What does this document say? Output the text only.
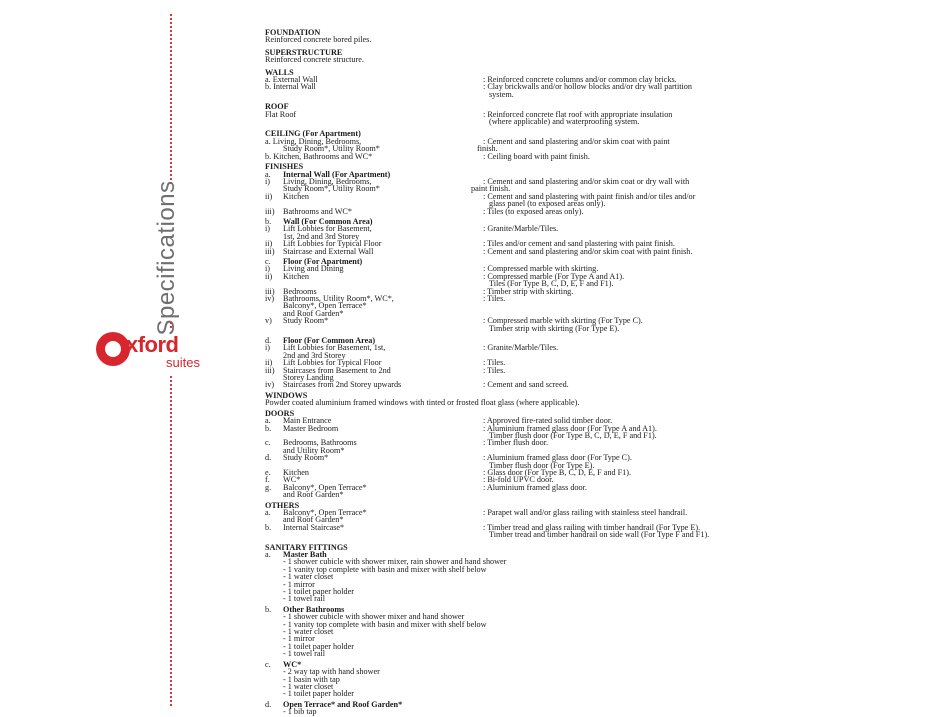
Specifications
xford
suites
FOUNDATION
Reinforced concrete bored piles.
SUPERSTRUCTURE
Reinforced concrete structure.
WALLS
a. External Wall	: Reinforced concrete columns and/or common clay bricks.
b. Internal Wall	: Clay brickwalls and/or hollow blocks and/or dry wall partition

system.
ROOF
Flat Roof	: Reinforced concrete flat roof with appropriate insulation

(where applicable) and waterproofing system.
CEILING (For Apartment)
a. Living, Dining, Bedrooms,	: Cement and sand plastering and/or skim coat with paint
Study Room*, Utility Room*	finish.
b. Kitchen, Bathrooms and WC*	: Ceiling board with paint finish.
FINISHES
a. Internal Wall (For Apartment)
i) Living, Dining, Bedrooms,	: Cement and sand plastering and/or skim coat or dry wall with
Study Room*, Utility Room*	paint finish.
ii) Kitchen	: Cement and sand plastering with paint finish and/or tiles and/or

glass panel (to exposed areas only).
iii) Bathrooms and WC*	: Tiles (to exposed areas only).
b. Wall (For Common Area)
i) Lift Lobbies for Basement,	: Granite/Marble/Tiles.
1st, 2nd and 3rd Storey
ii) Lift Lobbies for Typical Floor	: Tiles and/or cement and sand plastering with paint finish.
iii) Staircase and External Wall	: Cement and sand plastering and/or skim coat with paint finish.
c. Floor (For Apartment)
i) Living and Dining	: Compressed marble with skirting.
ii) Kitchen	: Compressed marble (For Type A and A1).

Tiles (For Type B, C, D, E, F and F1).
iii) Bedrooms	: Timber strip with skirting.
iv) Bathrooms, Utility Room*, WC*,	: Tiles.
Balcony*, Open Terrace*
and Roof Garden*
v) Study Room*	: Compressed marble with skirting (For Type C).

Timber strip with skirting (For Type E).
d. Floor (For Common Area)
i) Lift Lobbies for Basement, 1st,	: Granite/Marble/Tiles.
2nd and 3rd Storey
ii) Lift Lobbies for Typical Floor	: Tiles.
iii) Staircases from Basement to 2nd	: Tiles.
Storey Landing
iv) Staircases from 2nd Storey upwards	: Cement and sand screed.
WINDOWS
Powder coated aluminium framed windows with tinted or frosted float glass (where applicable).
DOORS
a. Main Entrance	: Approved fire-rated solid timber door.
b. Master Bedroom	: Aluminium framed glass door (For Type A and A1).

Timber flush door (For Type B, C, D, E, F and F1).
c. Bedrooms, Bathrooms	: Timber flush door.
and Utility Room*
d. Study Room*	: Aluminium framed glass door (For Type C).

Timber flush door (For Type E).
e. Kitchen	: Glass door (For Type B, C, D, E, F and F1).
f. WC*	: Bi-fold UPVC door.
g. Balcony*, Open Terrace*	: Aluminium framed glass door.
and Roof Garden*
OTHERS
a. Balcony*, Open Terrace*	: Parapet wall and/or glass railing with stainless steel handrail.
and Roof Garden*
b. Internal Staircase*	: Timber tread and glass railing with timber handrail (For Type E).

Timber tread and timber handrail on side wall (For Type F and F1).
SANITARY FITTINGS
a. Master Bath
- 1 shower cubicle with shower mixer, rain shower and hand shower
- 1 vanity top complete with basin and mixer with shelf below
- 1 water closet
- 1 mirror
- 1 toilet paper holder
- 1 towel rail
b. Other Bathrooms
- 1 shower cubicle with shower mixer and hand shower
- 1 vanity top complete with basin and mixer with shelf below
- 1 water closet
- 1 mirror
- 1 toilet paper holder
- 1 towel rail
c. WC*
- 2 way tap with hand shower
- 1 basin with tap
- 1 water closet
- 1 toilet paper holder
d. Open Terrace* and Roof Garden*
- 1 bib tap
